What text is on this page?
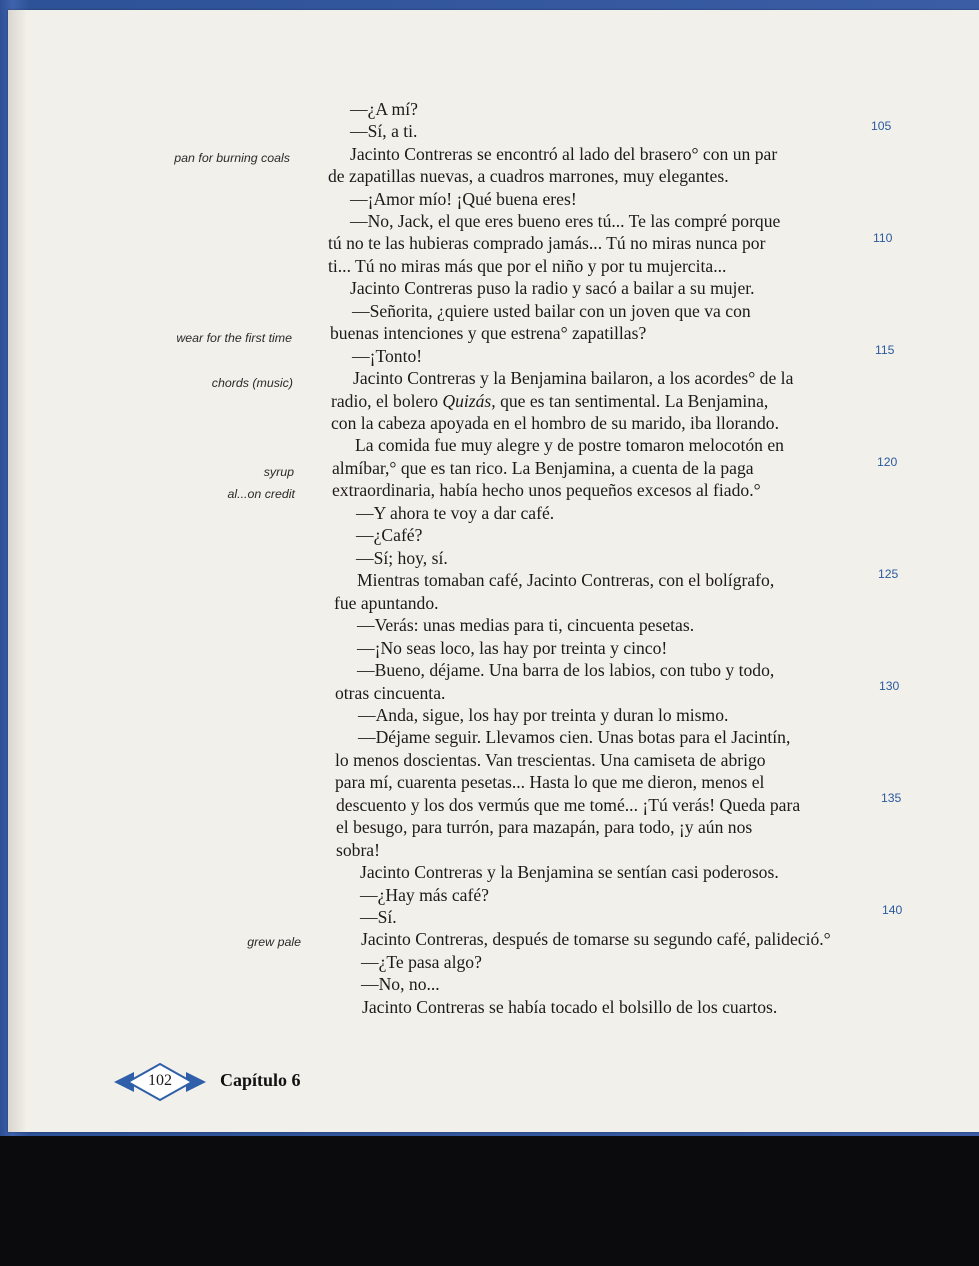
—¿A mí?
—Sí, a ti.
Jacinto Contreras se encontró al lado del brasero° con un par
de zapatillas nuevas, a cuadros marrones, muy elegantes.
—¡Amor mío! ¡Qué buena eres!
—No, Jack, el que eres bueno eres tú... Te las compré porque
tú no te las hubieras comprado jamás... Tú no miras nunca por
ti... Tú no miras más que por el niño y por tu mujercita...
Jacinto Contreras puso la radio y sacó a bailar a su mujer.
—Señorita, ¿quiere usted bailar con un joven que va con
buenas intenciones y que estrena° zapatillas?
—¡Tonto!
Jacinto Contreras y la Benjamina bailaron, a los acordes° de la
radio, el bolero Quizás, que es tan sentimental. La Benjamina,
con la cabeza apoyada en el hombro de su marido, iba llorando.
La comida fue muy alegre y de postre tomaron melocotón en
almíbar,° que es tan rico. La Benjamina, a cuenta de la paga
extraordinaria, había hecho unos pequeños excesos al fiado.°
—Y ahora te voy a dar café.
—¿Café?
—Sí; hoy, sí.
Mientras tomaban café, Jacinto Contreras, con el bolígrafo,
fue apuntando.
—Verás: unas medias para ti, cincuenta pesetas.
—¡No seas loco, las hay por treinta y cinco!
—Bueno, déjame. Una barra de los labios, con tubo y todo,
otras cincuenta.
—Anda, sigue, los hay por treinta y duran lo mismo.
—Déjame seguir. Llevamos cien. Unas botas para el Jacintín,
lo menos doscientas. Van trescientas. Una camiseta de abrigo
para mí, cuarenta pesetas... Hasta lo que me dieron, menos el
descuento y los dos vermús que me tomé... ¡Tú verás! Queda para
el besugo, para turrón, para mazapán, para todo, ¡y aún nos
sobra!
Jacinto Contreras y la Benjamina se sentían casi poderosos.
—¿Hay más café?
—Sí.
Jacinto Contreras, después de tomarse su segundo café, palideció.°
—¿Te pasa algo?
—No, no...
Jacinto Contreras se había tocado el bolsillo de los cuartos.
pan for burning coals
wear for the first time
chords (music)
syrup
al...on credit
grew pale
105
110
115
120
125
130
135
140
102	Capítulo 6
